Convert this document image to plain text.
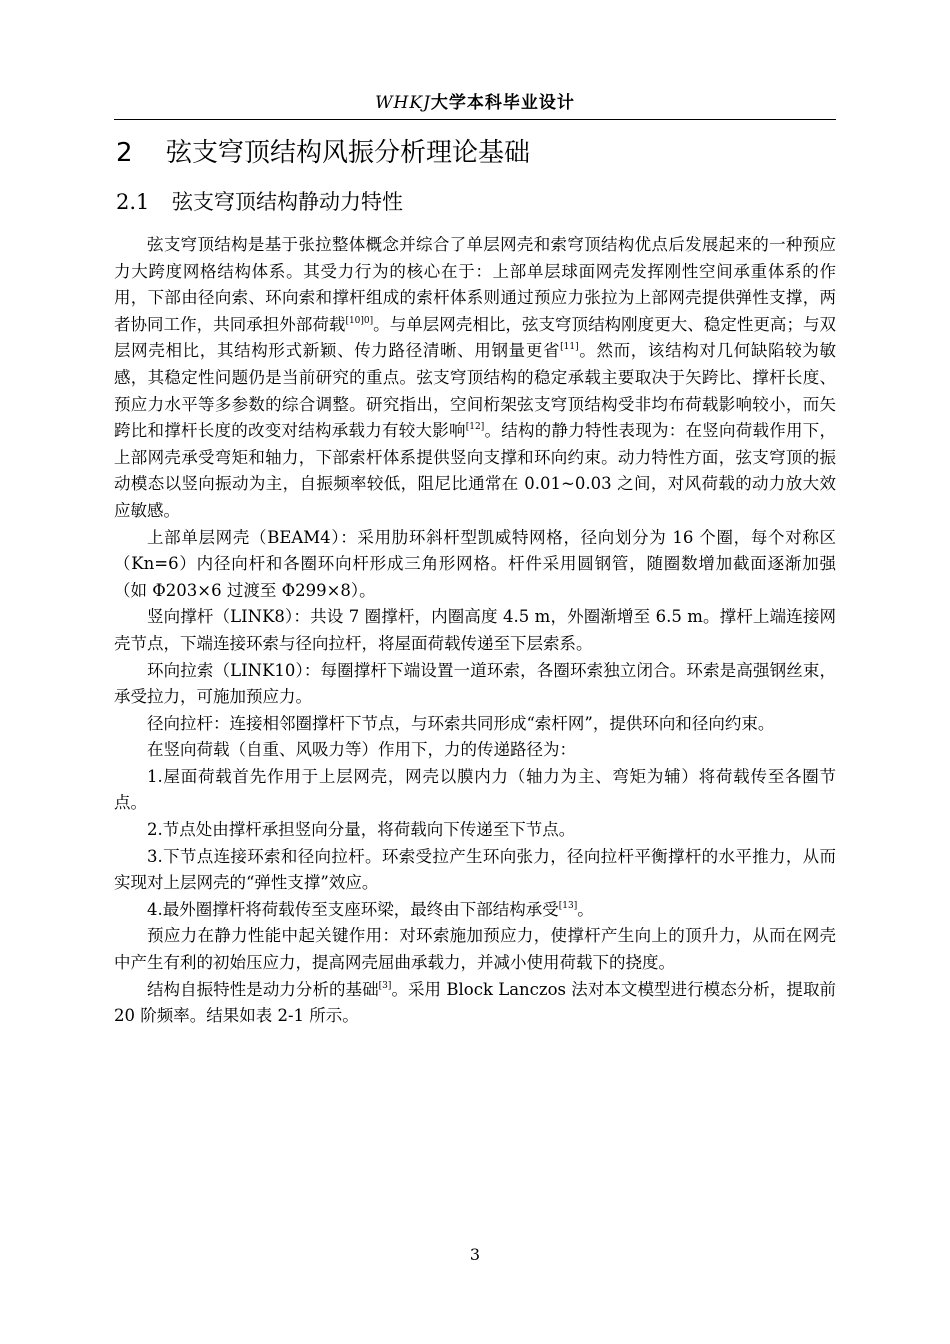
WHKJ大学本科毕业设计
2 弦支穹顶结构风振分析理论基础
2.1 弦支穹顶结构静动力特性

弦支穹顶结构是基于张拉整体概念并综合了单层网壳和索穹顶结构优点后发展起来的一种预应力大跨度网格结构体系。其受力行为的核心在于：上部单层球面网壳发挥刚性空间承重体系的作用，下部由径向索、环向索和撑杆组成的索杆体系则通过预应力张拉为上部网壳提供弹性支撑，两者协同工作，共同承担外部荷载[10]0]。与单层网壳相比，弦支穹顶结构刚度更大、稳定性更高；与双层网壳相比，其结构形式新颖、传力路径清晰、用钢量更省[11]。然而，该结构对几何缺陷较为敏感，其稳定性问题仍是当前研究的重点。弦支穹顶结构的稳定承载主要取决于矢跨比、撑杆长度、预应力水平等多参数的综合调整。研究指出，空间桁架弦支穹顶结构受非均布荷载影响较小，而矢跨比和撑杆长度的改变对结构承载力有较大影响[12]。结构的静力特性表现为：在竖向荷载作用下，上部网壳承受弯矩和轴力，下部索杆体系提供竖向支撑和环向约束。动力特性方面，弦支穹顶的振动模态以竖向振动为主，自振频率较低，阻尼比通常在 0.01~0.03 之间，对风荷载的动力放大效应敏感。

上部单层网壳（BEAM4）：采用肋环斜杆型凯威特网格，径向划分为 16 个圈，每个对称区（Kn=6）内径向杆和各圈环向杆形成三角形网格。杆件采用圆钢管，随圈数增加截面逐渐加强（如 Φ203×6 过渡至 Φ299×8）。

竖向撑杆（LINK8）：共设 7 圈撑杆，内圈高度 4.5 m，外圈渐增至 6.5 m。撑杆上端连接网壳节点，下端连接环索与径向拉杆，将屋面荷载传递至下层索系。

环向拉索（LINK10）：每圈撑杆下端设置一道环索，各圈环索独立闭合。环索是高强钢丝束，承受拉力，可施加预应力。

径向拉杆：连接相邻圈撑杆下节点，与环索共同形成“索杆网”，提供环向和径向约束。

在竖向荷载（自重、风吸力等）作用下，力的传递路径为：

1.屋面荷载首先作用于上层网壳，网壳以膜内力（轴力为主、弯矩为辅）将荷载传至各圈节点。

2.节点处由撑杆承担竖向分量，将荷载向下传递至下节点。

3.下节点连接环索和径向拉杆。环索受拉产生环向张力，径向拉杆平衡撑杆的水平推力，从而实现对上层网壳的“弹性支撑”效应。

4.最外圈撑杆将荷载传至支座环梁，最终由下部结构承受[13]。

预应力在静力性能中起关键作用：对环索施加预应力，使撑杆产生向上的顶升力，从而在网壳中产生有利的初始压应力，提高网壳屈曲承载力，并减小使用荷载下的挠度。

结构自振特性是动力分析的基础[3]。采用 Block Lanczos 法对本文模型进行模态分析，提取前 20 阶频率。结果如表 2-1 所示。

3
